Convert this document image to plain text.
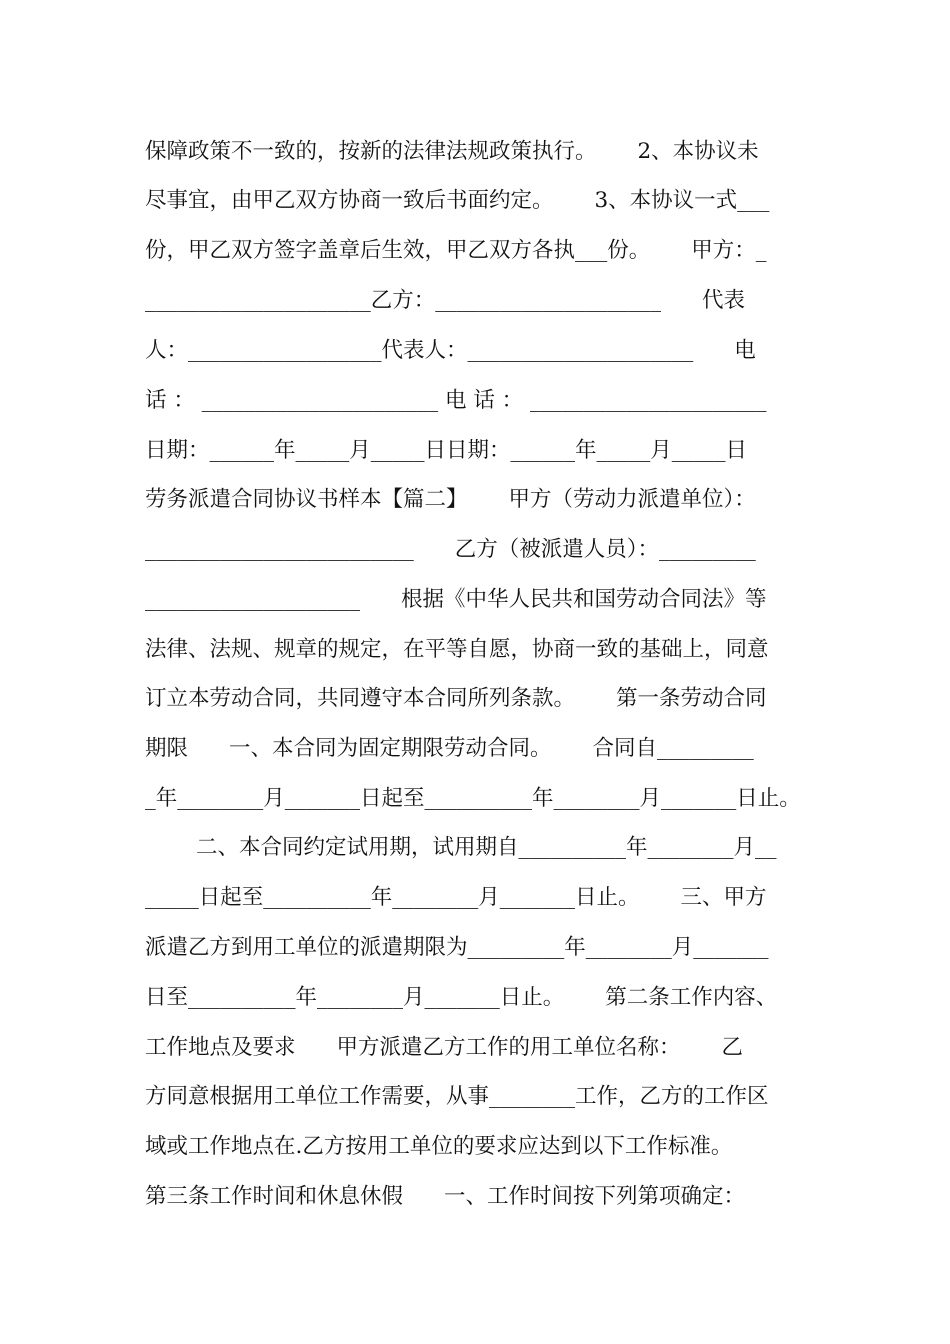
保障政策不一致的，按新的法律法规政策执行。      2、本协议未
尽事宜，由甲乙双方协商一致后书面约定。      3、本协议一式___
份，甲乙双方签字盖章后生效，甲乙双方各执___份。      甲方：_
_____________________乙方：_____________________      代表
人：__________________代表人：_____________________      电
话 ： ______________________ 电 话 ： ______________________
日期：______年_____月_____日日期：______年_____月_____日
劳务派遣合同协议书样本【篇二】      甲方（劳动力派遣单位）：
_________________________      乙方（被派遣人员）：_________
____________________      根据《中华人民共和国劳动合同法》等
法律、法规、规章的规定，在平等自愿，协商一致的基础上，同意
订立本劳动合同，共同遵守本合同所列条款。      第一条劳动合同
期限      一、本合同为固定期限劳动合同。      合同自_________
_年________月_______日起至__________年________月_______日止。
二、本合同约定试用期，试用期自__________年________月__
_____日起至__________年________月_______日止。      三、甲方
派遣乙方到用工单位的派遣期限为_________年________月_______
日至__________年________月_______日止。      第二条工作内容、
工作地点及要求      甲方派遣乙方工作的用工单位名称：      乙
方同意根据用工单位工作需要，从事________工作，乙方的工作区
域或工作地点在.乙方按用工单位的要求应达到以下工作标准。
第三条工作时间和休息休假      一、工作时间按下列第项确定：
